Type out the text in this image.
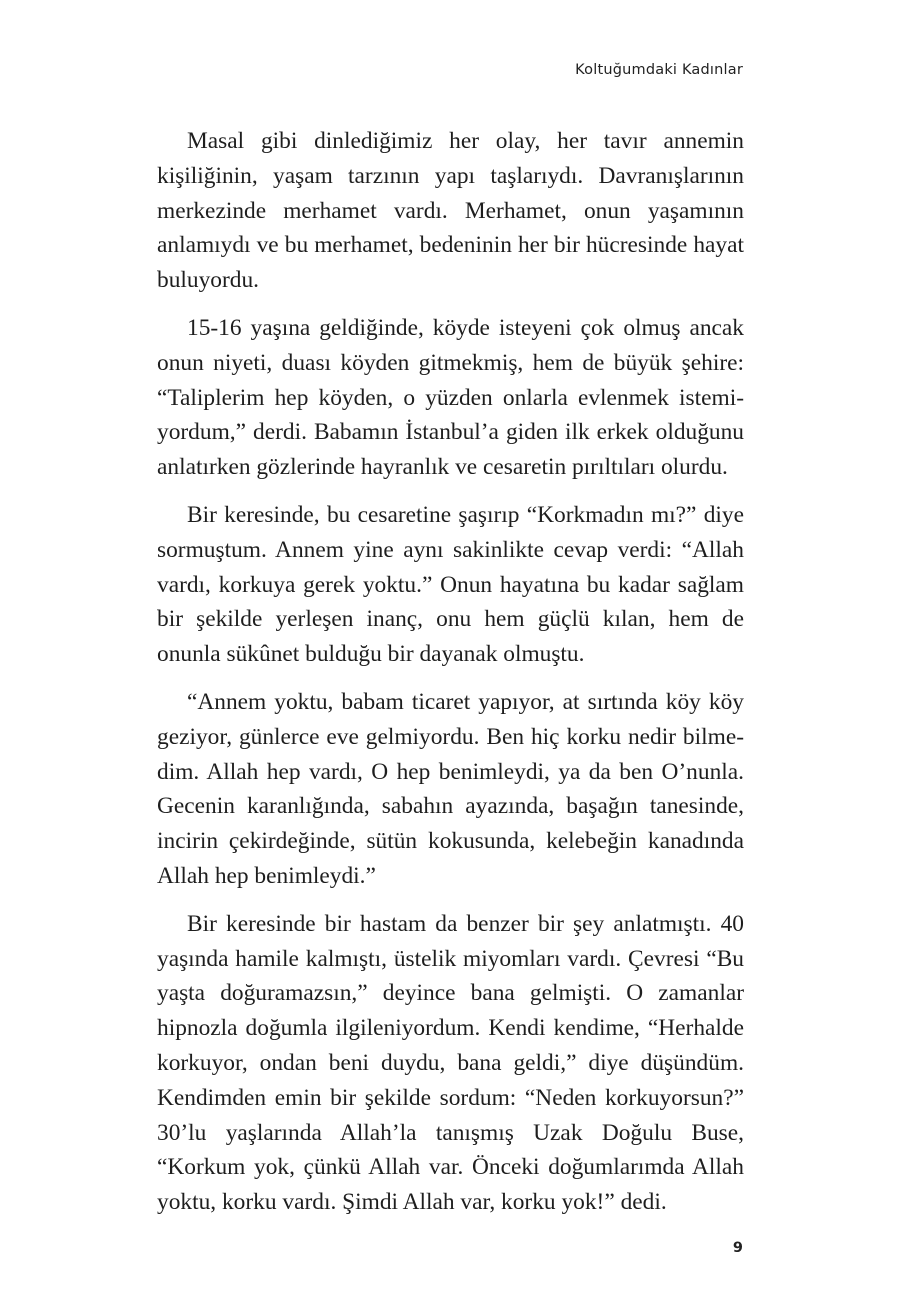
Koltuğumdaki Kadınlar

Masal gibi dinlediğimiz her olay, her tavır annemin kişiliğinin, yaşam tarzının yapı taşlarıydı. Davranışlarının merkezinde merhamet vardı. Merhamet, onun yaşamının anlamıydı ve bu merhamet, bedeninin her bir hücresinde hayat buluyordu.

15-16 yaşına geldiğinde, köyde isteyeni çok olmuş ancak onun niyeti, duası köyden gitmekmiş, hem de büyük şehire: “Taliplerim hep köyden, o yüzden onlarla evlenmek istemiyordum,” derdi. Babamın İstanbul’a giden ilk erkek olduğunu anlatırken gözlerinde hayranlık ve cesaretin pırıltıları olurdu.

Bir keresinde, bu cesaretine şaşırıp “Korkmadın mı?” diye sormuştum. Annem yine aynı sakinlikte cevap verdi: “Allah vardı, korkuya gerek yoktu.” Onun hayatına bu kadar sağlam bir şekilde yerleşen inanç, onu hem güçlü kılan, hem de onunla sükûnet bulduğu bir dayanak olmuştu.

“Annem yoktu, babam ticaret yapıyor, at sırtında köy köy geziyor, günlerce eve gelmiyordu. Ben hiç korku nedir bilmedim. Allah hep vardı, O hep benimleydi, ya da ben O’nunla. Gecenin karanlığında, sabahın ayazında, başağın tanesinde, incirin çekirdeğinde, sütün kokusunda, kelebeğin kanadında Allah hep benimleydi.”

Bir keresinde bir hastam da benzer bir şey anlatmıştı. 40 yaşında hamile kalmıştı, üstelik miyomları vardı. Çevresi “Bu yaşta doğuramazsın,” deyince bana gelmişti. O zamanlar hipnozla doğumla ilgileniyordum. Kendi kendime, “Herhalde korkuyor, ondan beni duydu, bana geldi,” diye düşündüm. Kendimden emin bir şekilde sordum: “Neden korkuyorsun?” 30’lu yaşlarında Allah’la tanışmış Uzak Doğulu Buse, “Korkum yok, çünkü Allah var. Önceki doğumlarımda Allah yoktu, korku vardı. Şimdi Allah var, korku yok!” dedi.

9
